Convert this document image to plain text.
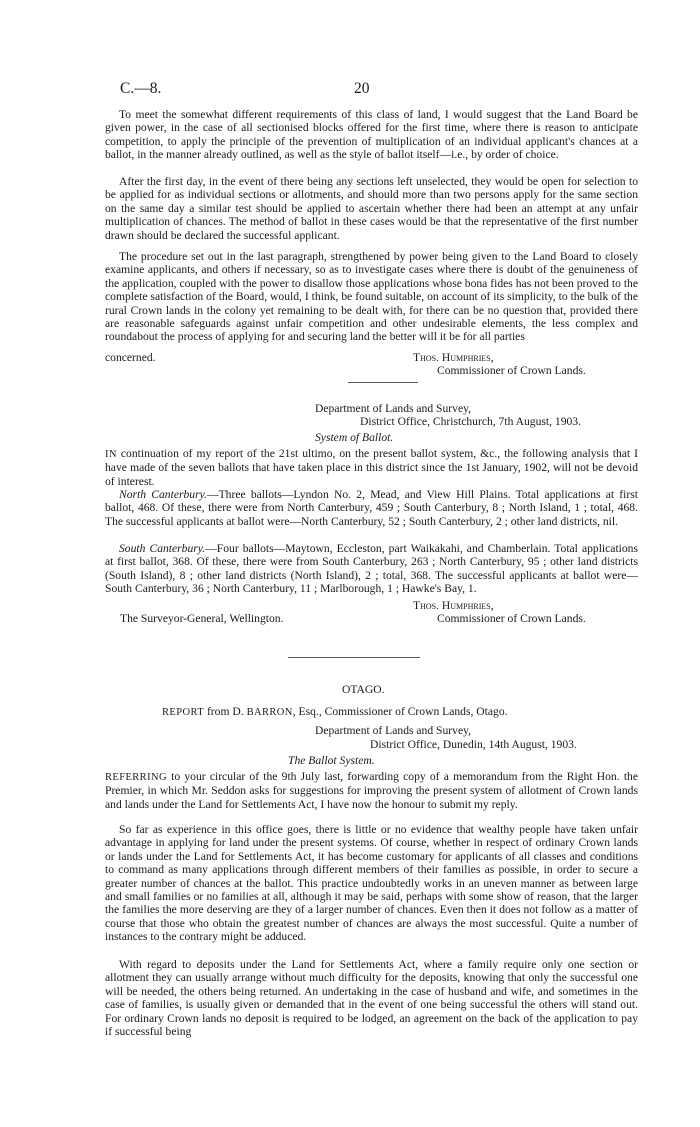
C.—8.	20

To meet the somewhat different requirements of this class of land, I would suggest that the Land Board be given power, in the case of all sectionised blocks offered for the first time, where there is reason to anticipate competition, to apply the principle of the prevention of multiplication of an individual applicant's chances at a ballot, in the manner already outlined, as well as the style of ballot itself—i.e., by order of choice.

After the first day, in the event of there being any sections left unselected, they would be open for selection to be applied for as individual sections or allotments, and should more than two persons apply for the same section on the same day a similar test should be applied to ascertain whether there had been an attempt at any unfair multiplication of chances. The method of ballot in these cases would be that the representative of the first number drawn should be declared the successful applicant.

The procedure set out in the last paragraph, strengthened by power being given to the Land Board to closely examine applicants, and others if necessary, so as to investigate cases where there is doubt of the genuineness of the application, coupled with the power to disallow those applications whose bona fides has not been proved to the complete satisfaction of the Board, would, I think, be found suitable, on account of its simplicity, to the bulk of the rural Crown lands in the colony yet remaining to be dealt with, for there can be no question that, provided there are reasonable safeguards against unfair competition and other undesirable elements, the less complex and roundabout the process of applying for and securing land the better will it be for all parties

concerned.	Thos. Humphries,
Commissioner of Crown Lands.
Department of Lands and Survey,
District Office, Christchurch, 7th August, 1903.
System of Ballot.

IN continuation of my report of the 21st ultimo, on the present ballot system, &c., the following analysis that I have made of the seven ballots that have taken place in this district since the 1st January, 1902, will not be devoid of interest.

North Canterbury.—Three ballots—Lyndon No. 2, Mead, and View Hill Plains. Total applications at first ballot, 468. Of these, there were from North Canterbury, 459 ; South Canterbury, 8 ; North Island, 1 ; total, 468. The successful applicants at ballot were—North Canterbury, 52 ; South Canterbury, 2 ; other land districts, nil.

South Canterbury.—Four ballots—Maytown, Eccleston, part Waikakahi, and Chamberlain. Total applications at first ballot, 368. Of these, there were from South Canterbury, 263 ; North Canterbury, 95 ; other land districts (South Island), 8 ; other land districts (North Island), 2 ; total, 368. The successful applicants at ballot were—South Canterbury, 36 ; North Canterbury, 11 ; Marlborough, 1 ; Hawke's Bay, 1.

Thos. Humphries,
The Surveyor-General, Wellington.	Commissioner of Crown Lands.
OTAGO.
REPORT from D. BARRON, Esq., Commissioner of Crown Lands, Otago.
Department of Lands and Survey,
District Office, Dunedin, 14th August, 1903.
The Ballot System.

REFERRING to your circular of the 9th July last, forwarding copy of a memorandum from the Right Hon. the Premier, in which Mr. Seddon asks for suggestions for improving the present system of allotment of Crown lands and lands under the Land for Settlements Act, I have now the honour to submit my reply.

So far as experience in this office goes, there is little or no evidence that wealthy people have taken unfair advantage in applying for land under the present systems. Of course, whether in respect of ordinary Crown lands or lands under the Land for Settlements Act, it has become customary for applicants of all classes and conditions to command as many applications through different members of their families as possible, in order to secure a greater number of chances at the ballot. This practice undoubtedly works in an uneven manner as between large and small families or no families at all, although it may be said, perhaps with some show of reason, that the larger the families the more deserving are they of a larger number of chances. Even then it does not follow as a matter of course that those who obtain the greatest number of chances are always the most successful. Quite a number of instances to the contrary might be adduced.

With regard to deposits under the Land for Settlements Act, where a family require only one section or allotment they can usually arrange without much difficulty for the deposits, knowing that only the successful one will be needed, the others being returned. An undertaking in the case of husband and wife, and sometimes in the case of families, is usually given or demanded that in the event of one being successful the others will stand out. For ordinary Crown lands no deposit is required to be lodged, an agreement on the back of the application to pay if successful being
